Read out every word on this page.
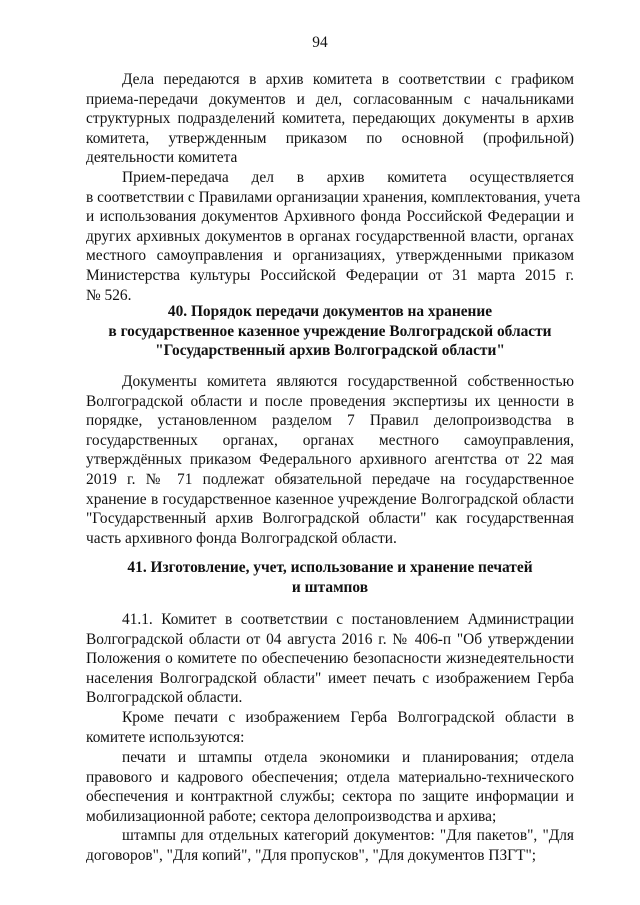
94
Дела передаются в архив комитета в соответствии с графиком
приема-передачи документов и дел, согласованным с начальниками
структурных подразделений комитета, передающих документы в архив
комитета, утвержденным приказом по основной (профильной)
деятельности комитета
Прием-передача дел в архив комитета осуществляется
в соответствии с Правилами организации хранения, комплектования, учета
и использования документов Архивного фонда Российской Федерации и
других архивных документов в органах государственной власти, органах
местного самоуправления и организациях, утвержденными приказом
Министерства культуры Российской Федерации от 31 марта 2015 г.
№ 526.
40. Порядок передачи документов на хранение
в государственное казенное учреждение Волгоградской области
"Государственный архив Волгоградской области"
Документы комитета являются государственной собственностью
Волгоградской области и после проведения экспертизы их ценности в
порядке, установленном разделом 7 Правил делопроизводства в
государственных органах, органах местного самоуправления,
утверждённых приказом Федерального архивного агентства от 22 мая
2019 г. № 71 подлежат обязательной передаче на государственное
хранение в государственное казенное учреждение Волгоградской области
"Государственный архив Волгоградской области" как государственная
часть архивного фонда Волгоградской области.
41. Изготовление, учет, использование и хранение печатей
и штампов
41.1. Комитет в соответствии с постановлением Администрации
Волгоградской области от 04 августа 2016 г. № 406-п "Об утверждении
Положения о комитете по обеспечению безопасности жизнедеятельности
населения Волгоградской области" имеет печать с изображением Герба
Волгоградской области.
Кроме печати с изображением Герба Волгоградской области в
комитете используются:
печати и штампы отдела экономики и планирования; отдела
правового и кадрового обеспечения; отдела материально-технического
обеспечения и контрактной службы; сектора по защите информации и
мобилизационной работе; сектора делопроизводства и архива;
штампы для отдельных категорий документов: "Для пакетов", "Для
договоров", "Для копий", "Для пропусков", "Для документов ПЗГТ";
